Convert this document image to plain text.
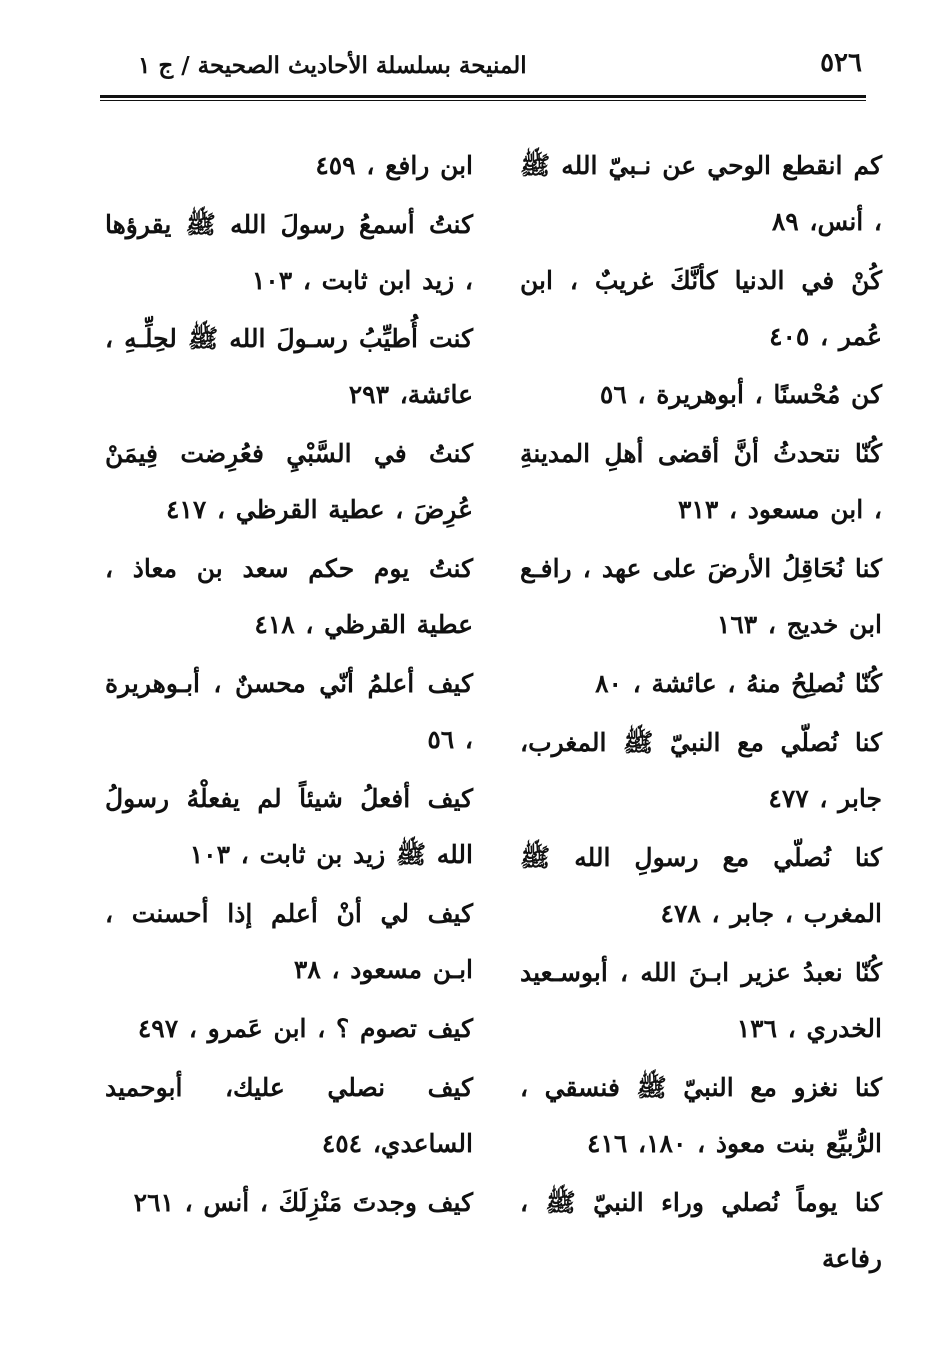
٥٢٦
المنيحة بسلسلة الأحاديث الصحيحة / ج ١

كم انقطع الوحي عن نـبيّ الله ﷺ ، أنس، ٨٩

كُنْ في الدنيا كأنَّكَ غريبٌ ، ابن عُمر ، ٤٠٥

كن مُحْسنًا ، أبوهريرة ، ٥٦

كُنّا نتحدثُ أنَّ أقضى أهلِ المدينةِ ، ابن مسعود ، ٣١٣

كنا نُحَاقِلُ الأرضَ على عهد ، رافـع ابن خديج ، ١٦٣

كُنّا نُصلِحُ منهُ ، عائشة ، ٨٠

كنا نُصلّي مع النبيّ ﷺ المغرب، جابر ، ٤٧٧

كنا نُصلّي مع رسولِ الله ﷺ المغرب ، جابر ، ٤٧٨

كُنّا نعبدُ عزير ابـنَ الله ، أبوسـعيد الخدري ، ١٣٦

كنا نغزو مع النبيّ ﷺ فنسقي ، الرُّبيِّع بنت معوذ ، ١٨٠، ٤١٦

كنا يوماً نُصلي وراء النبيّ ﷺ ، رفاعة

ابن رافع ، ٤٥٩

كنتُ أسمعُ رسولَ الله ﷺ يقرؤها ، زيد ابن ثابت ، ١٠٣

كنت أُطيِّبُ رسـولَ الله ﷺ لحِلِّـهِ ، عائشة، ٢٩٣

كنتُ في السَّبْيِ فعُرِضت فِيمَنْ عُرِضَ ، عطية القرظي ، ٤١٧

كنتُ يوم حكم سعد بن معاذ ، عطية القرظي ، ٤١٨

كيف أعلمُ أنّي محسنٌ ، أبـوهريرة ، ٥٦

كيف أفعلُ شيئاً لم يفعلْهُ رسولُ الله ﷺ زيد بن ثابت ، ١٠٣

كيف لي أنْ أعلم إذا أحسنت ، ابـن مسعود ، ٣٨

كيف تصوم ؟ ، ابن عَمرو ، ٤٩٧

كيف نصلي عليك، أبوحميد الساعدي، ٤٥٤

كيف وجدتَ مَنْزِلَكَ ، أنس ، ٢٦١
